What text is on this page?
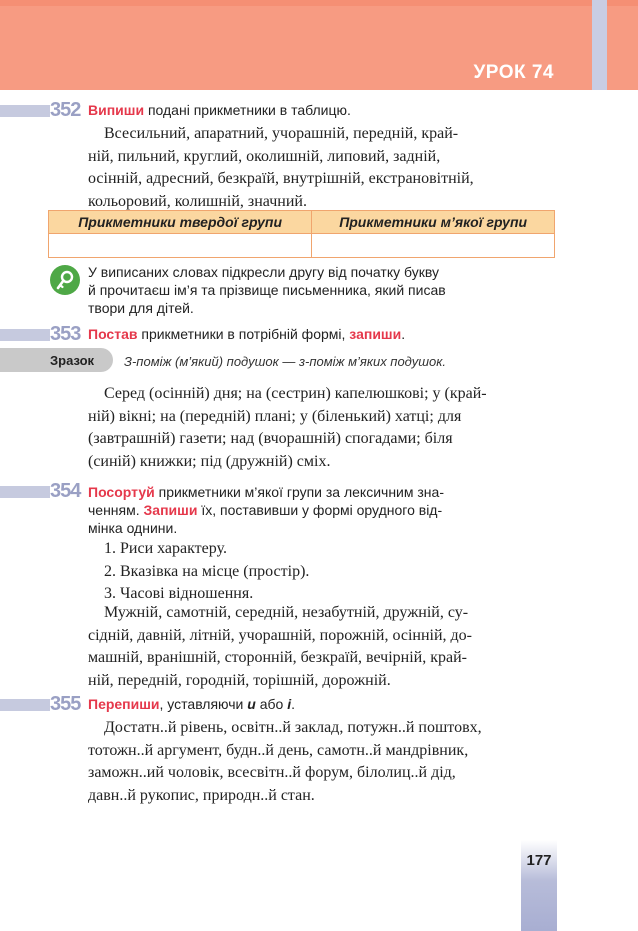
УРОК 74
352 Випиши подані прикметники в таблицю.
Всесильний, апаратний, учорашній, передній, край-
ній, пильний, круглий, околишній, липовий, задній,
осінній, адресний, безкраїй, внутрішній, екстрановітній,
кольоровий, колишній, значний.
Прикметники твердої групи	Прикметники м’якої групи

У виписаних словах підкресли другу від початку букву
й прочитаєш ім’я та прізвище письменника, який писав
твори для дітей.
353 Постав прикметники в потрібній формі, запиши.
Зразок З-поміж (м’який) подушок — з-поміж м’яких подушок.
Серед (осінній) дня; на (сестрин) капелюшкові; у (край-
ній) вікні; на (передній) плані; у (біленький) хатці; для
(завтрашній) газети; над (вчорашній) спогадами; біля
(синій) книжки; під (дружній) сміх.
354 Посортуй прикметники м’якої групи за лексичним зна-
ченням. Запиши їх, поставивши у формі орудного від-
мінка однини.
1. Риси характеру.
2. Вказівка на місце (простір).
3. Часові відношення.
Мужній, самотній, середній, незабутній, дружній, су-
сідній, давній, літній, учорашній, порожній, осінній, до-
машній, вранішній, сторонній, безкраїй, вечірній, край-
ній, передній, городній, торішній, дорожній.
355 Перепиши, уставляючи и або і.
Достатн..й рівень, освітн..й заклад, потужн..й поштовх,
тотожн..й аргумент, будн..й день, самотн..й мандрівник,
заможн..ий чоловік, всесвітн..й форум, білолиц..й дід,
давн..й рукопис, природн..й стан.
177
